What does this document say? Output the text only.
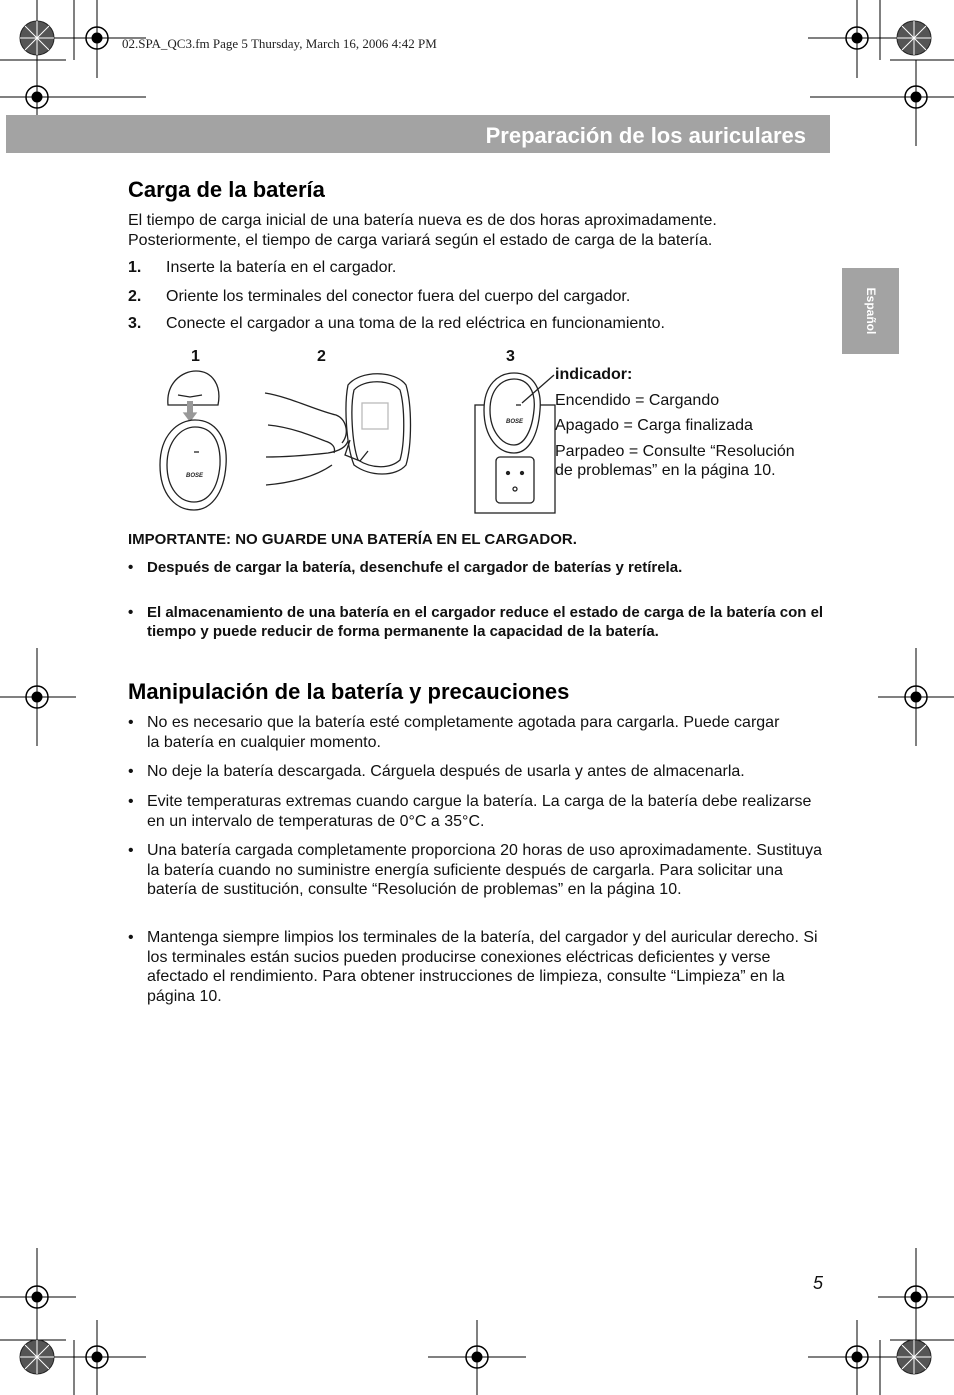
02.SPA_QC3.fm Page 5 Thursday, March 16, 2006 4:42 PM
Preparación de los auriculares
Español
Carga de la batería
El tiempo de carga inicial de una batería nueva es de dos horas aproximadamente. Posteriormente, el tiempo de carga variará según el estado de carga de la batería.
1. Inserte la batería en el cargador.
2. Oriente los terminales del conector fuera del cuerpo del cargador.
3. Conecte el cargador a una toma de la red eléctrica en funcionamiento.
1	2	3
BOSE
BOSE

indicador:

Encendido = Cargando

Apagado = Carga finalizada

Parpadeo = Consulte “Resolución

de problemas” en la página 10.

IMPORTANTE: NO GUARDE UNA BATERÍA EN EL CARGADOR.
• Después de cargar la batería, desenchufe el cargador de baterías y retírela.
• El almacenamiento de una batería en el cargador reduce el estado de carga de la batería con el tiempo y puede reducir de forma permanente la capacidad de la batería.
Manipulación de la batería y precauciones
• No es necesario que la batería esté completamente agotada para cargarla. Puede cargar la batería en cualquier momento.
• No deje la batería descargada. Cárguela después de usarla y antes de almacenarla.
• Evite temperaturas extremas cuando cargue la batería. La carga de la batería debe realizarse en un intervalo de temperaturas de 0°C a 35°C.
• Una batería cargada completamente proporciona 20 horas de uso aproximadamente. Sustituya la batería cuando no suministre energía suficiente después de cargarla. Para solicitar una batería de sustitución, consulte “Resolución de problemas” en la página 10.
• Mantenga siempre limpios los terminales de la batería, del cargador y del auricular derecho. Si los terminales están sucios pueden producirse conexiones eléctricas deficientes y verse afectado el rendimiento. Para obtener instrucciones de limpieza, consulte “Limpieza” en la página 10.
5
